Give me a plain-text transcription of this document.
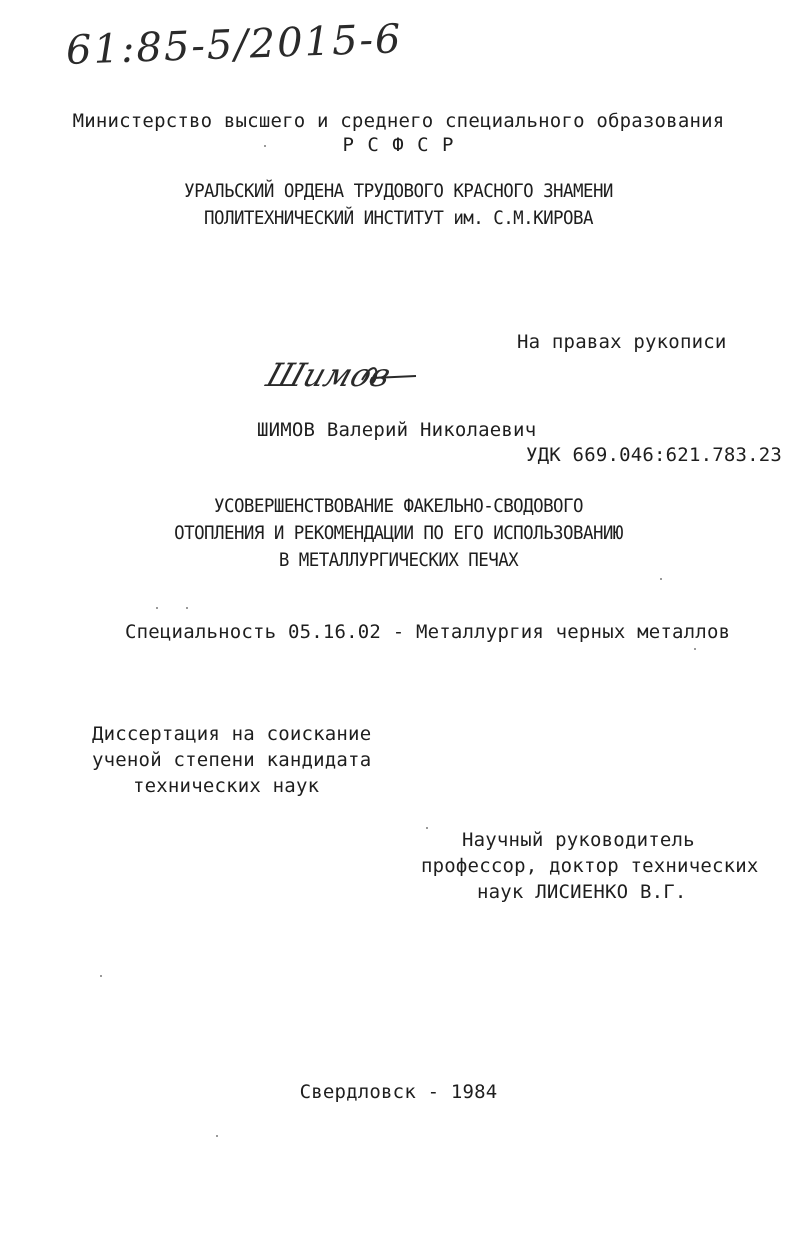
61:85-5/2015-6
Министерство высшего и среднего специального образования
Р С Ф С Р
УРАЛЬСКИЙ ОРДЕНА ТРУДОВОГО КРАСНОГО ЗНАМЕНИ
ПОЛИТЕХНИЧЕСКИЙ ИНСТИТУТ им. С.М.КИРОВА
На правах рукописи
Шимов
ШИМОВ Валерий Николаевич
УДК 669.046:621.783.23
УСОВЕРШЕНСТВОВАНИЕ ФАКЕЛЬНО-СВОДОВОГО
ОТОПЛЕНИЯ И РЕКОМЕНДАЦИИ ПО ЕГО ИСПОЛЬЗОВАНИЮ
В МЕТАЛЛУРГИЧЕСКИХ ПЕЧАХ
Специальность 05.16.02 - Металлургия черных металлов
Диссертация на соискание
ученой степени кандидата
технических наук
Научный руководитель
профессор, доктор технических
наук ЛИСИЕНКО В.Г.
Свердловск - 1984
